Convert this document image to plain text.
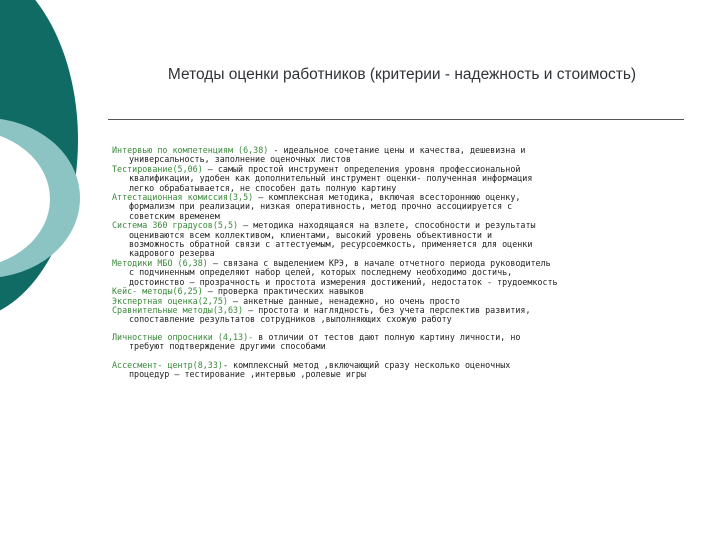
Методы оценки работников (критерии - надежность и стоимость)
Интервью по компетенциям (6,38) - идеальное сочетание цены и качества, дешевизна и
универсальность, заполнение оценочных листов
Тестирование(5,06) – самый простой инструмент определения уровня профессиональной
квалификации, удобен как дополнительный инструмент оценки- полученная информация
легко обрабатывается, не способен дать полную картину
Аттестационная комиссия(3,5) – комплексная методика, включая всестороннюю оценку,
формализм при реализации, низкая оперативность, метод прочно ассоциируется с
советским временем
Система 360 градусов(5,5) – методика находящаяся на взлете, способности и результаты
оцениваются всем коллективом, клиентами, высокий уровень объективности и
возможность обратной связи с аттестуемым, ресурсоемкость, применяется для оценки
кадрового резерва
Методики МБО (6,38) – связана с выделением КРЭ, в начале отчетного периода руководитель
с подчиненным определяют набор целей, которых последнему необходимо достичь,
достоинство – прозрачность и простота измерения достижений, недостаток - трудоемкость
Кейс- методы(6,25) – проверка практических навыков
Экспертная оценка(2,75) – анкетные данные, ненадежно, но очень просто
Сравнительные методы(3,63) – простота и наглядность, без учета перспектив развития,
сопоставление результатов сотрудников ,выполняющих схожую работу
Личностные опросники (4,13)- в отличии от тестов дают полную картину личности, но
требуют подтверждение другими способами
Ассесмент- центр(8,33)- комплексный метод ,включающий сразу несколько оценочных
процедур – тестирование ,интервью ,ролевые игры
